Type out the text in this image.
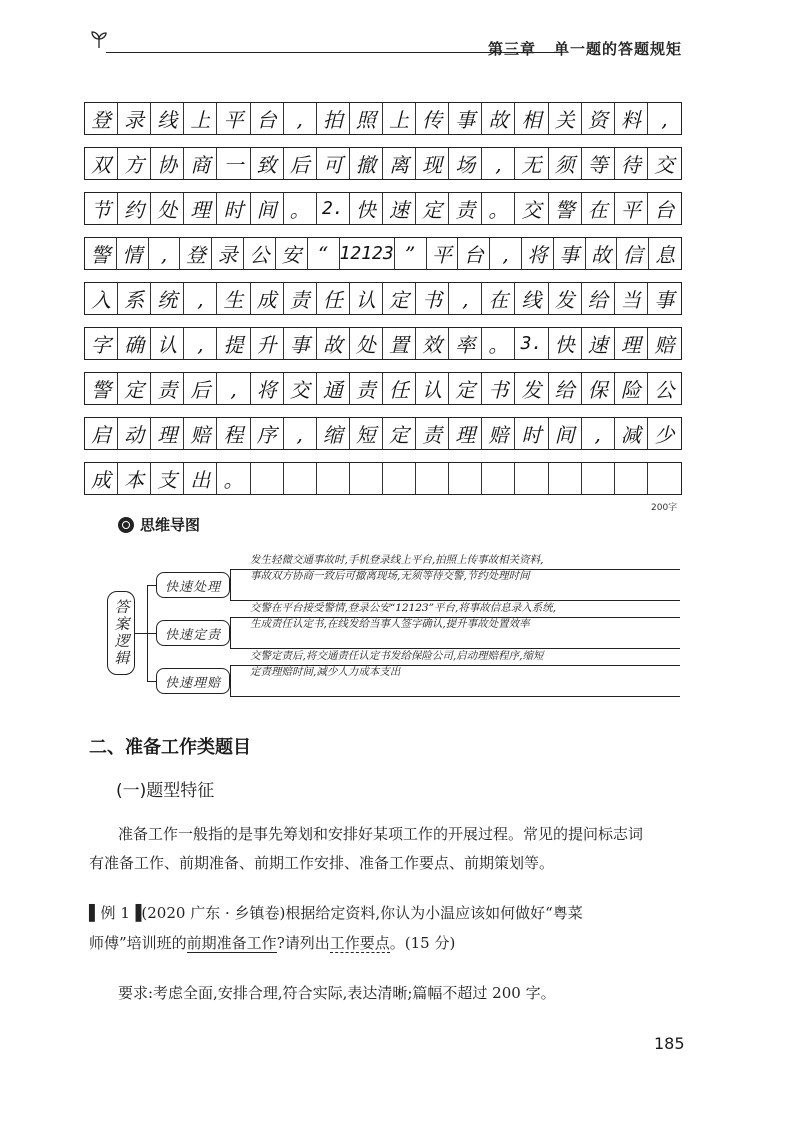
第三章 单一题的答题规矩
登 录 线 上 平 台 , 拍 照 上 传 事 故 相 关 资 料	,
双 方 协 商 一 致 后 可 撤 离 现 场 , 无 须 等 待 交
节 约 处 理 时 间 。 2. 快 速 定 责 。 交 警 在 平 台
警 情 , 登 录 公 安 “ 12123 ” 平 台 , 将 事 故 信 息
入 系 统 , 生 成 责 任 认 定 书 , 在 线 发 给 当 事
字 确 认 , 提 升 事 故 处 置 效 率 。 3. 快 速 理 赔
警 定 责 后 , 将 交 通 责 任 认 定 书 发 给 保 险 公
启 动 理 赔 程 序 , 缩 短 定 责 理 赔 时 间 , 减 少
成 本 支 出 。
200字
思维导图
答案逻辑
快速处理
快速定责
快速理赔
发生轻微交通事故时,手机登录线上平台,拍照上传事故相关资料,
事故双方协商一致后可撤离现场,无须等待交警,节约处理时间
交警在平台接受警情,登录公安“12123”平台,将事故信息录入系统,
生成责任认定书,在线发给当事人签字确认,提升事故处置效率
交警定责后,将交通责任认定书发给保险公司,启动理赔程序,缩短
定责理赔时间,减少人力成本支出
二、准备工作类题目
(一)题型特征
准备工作一般指的是事先筹划和安排好某项工作的开展过程。常见的提问标志词
有准备工作、前期准备、前期工作安排、准备工作要点、前期策划等。
▌例 1▐(2020 广东 · 乡镇卷)根据给定资料,你认为小温应该如何做好“粤菜
师傅”培训班的前期准备工作?请列出工作要点。(15 分)
要求:考虑全面,安排合理,符合实际,表达清晰;篇幅不超过 200 字。
185
